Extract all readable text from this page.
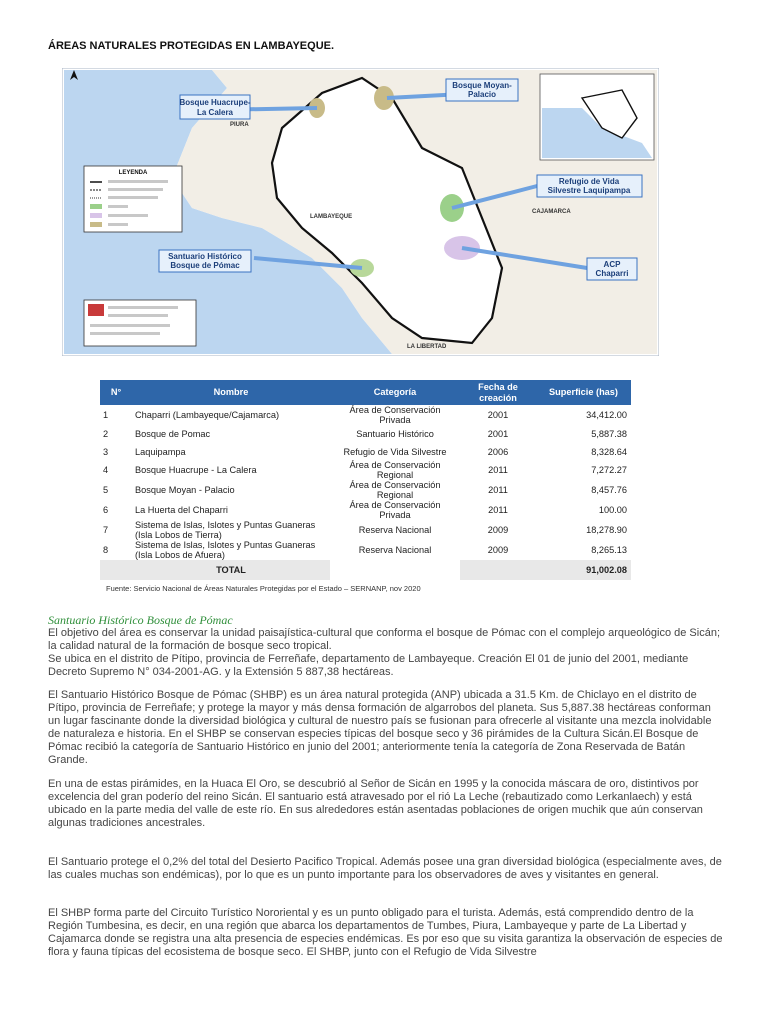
ÁREAS NATURALES PROTEGIDAS EN LAMBAYEQUE.
Bosque Huacrupe-
La Calera
Bosque Moyan-
Palacio
Refugio de Vida
Silvestre Laquipampa
Santuario Histórico
Bosque de Pómac	ACP
Chaparri
PIURA
LAMBAYEQUE
CAJAMARCA
LA LIBERTAD
LEYENDA
N°	Nombre	Categoría	Fecha de creación	Superficie (has)
1	Chaparri (Lambayeque/Cajamarca)	Área de Conservación Privada	2001	34,412.00
2	Bosque de Pomac	Santuario Histórico	2001	5,887.38
3	Laquipampa	Refugio de Vida Silvestre	2006	8,328.64
4	Bosque Huacrupe - La Calera	Área de Conservación Regional	2011	7,272.27
5	Bosque Moyan - Palacio	Área de Conservación Regional	2011	8,457.76
6	La Huerta del Chaparri	Área de Conservación Privada	2011	100.00
7	Sistema de Islas, Islotes y Puntas Guaneras (Isla Lobos de Tierra)	Reserva Nacional	2009	18,278.90
8	Sistema de Islas, Islotes y Puntas Guaneras (Isla Lobos de Afuera)	Reserva Nacional	2009	8,265.13
	TOTAL			91,002.08
Fuente: Servicio Nacional de Áreas Naturales Protegidas por el Estado – SERNANP, nov 2020
Santuario Histórico Bosque de Pómac

El objetivo del área es conservar la unidad paisajística-cultural que conforma el bosque de Pómac con el complejo arqueológico de Sicán; la calidad natural de la formación de bosque seco tropical.

Se ubica en el distrito de Pítipo, provincia de Ferreñafe, departamento de Lambayeque. Creación El 01 de junio del 2001, mediante Decreto Supremo N° 034-2001-AG. y la Extensión 5 887,38 hectáreas.

El Santuario Histórico Bosque de Pómac (SHBP) es un área natural protegida (ANP) ubicada a 31.5 Km. de Chiclayo en el distrito de Pítipo, provincia de Ferreñafe; y protege la mayor y más densa formación de algarrobos del planeta. Sus 5,887.38 hectáreas conforman un lugar fascinante donde la diversidad biológica y cultural de nuestro país se fusionan para ofrecerle al visitante una mezcla inolvidable de naturaleza e historia. En el SHBP se conservan especies típicas del bosque seco y 36 pirámides de la Cultura Sicán.El Bosque de Pómac recibió la categoría de Santuario Histórico en junio del 2001; anteriormente tenía la categoría de Zona Reservada de Batán Grande.
En una de estas pirámides, en la Huaca El Oro, se descubrió al Señor de Sicán en 1995 y la conocida máscara de oro, distintivos por excelencia del gran poderío del reino Sicán. El santuario está atravesado por el rió La Leche (rebautizado como Lerkanlaech) y está ubicado en la parte media del valle de este río. En sus alrededores están asentadas poblaciones de origen muchik que aún conservan algunas tradiciones ancestrales.
El Santuario protege el 0,2% del total del Desierto Pacifico Tropical. Además posee una gran diversidad biológica (especialmente aves, de las cuales muchas son endémicas), por lo que es un punto importante para los observadores de aves y visitantes en general.
El SHBP forma parte del Circuito Turístico Nororiental y es un punto obligado para el turista. Además, está comprendido dentro de la Región Tumbesina, es decir, en una región que abarca los departamentos de Tumbes, Piura, Lambayeque y parte de La Libertad y Cajamarca donde se registra una alta presencia de especies endémicas. Es por eso que su visita garantiza la observación de especies de flora y fauna típicas del ecosistema de bosque seco. El SHBP, junto con el Refugio de Vida Silvestre
